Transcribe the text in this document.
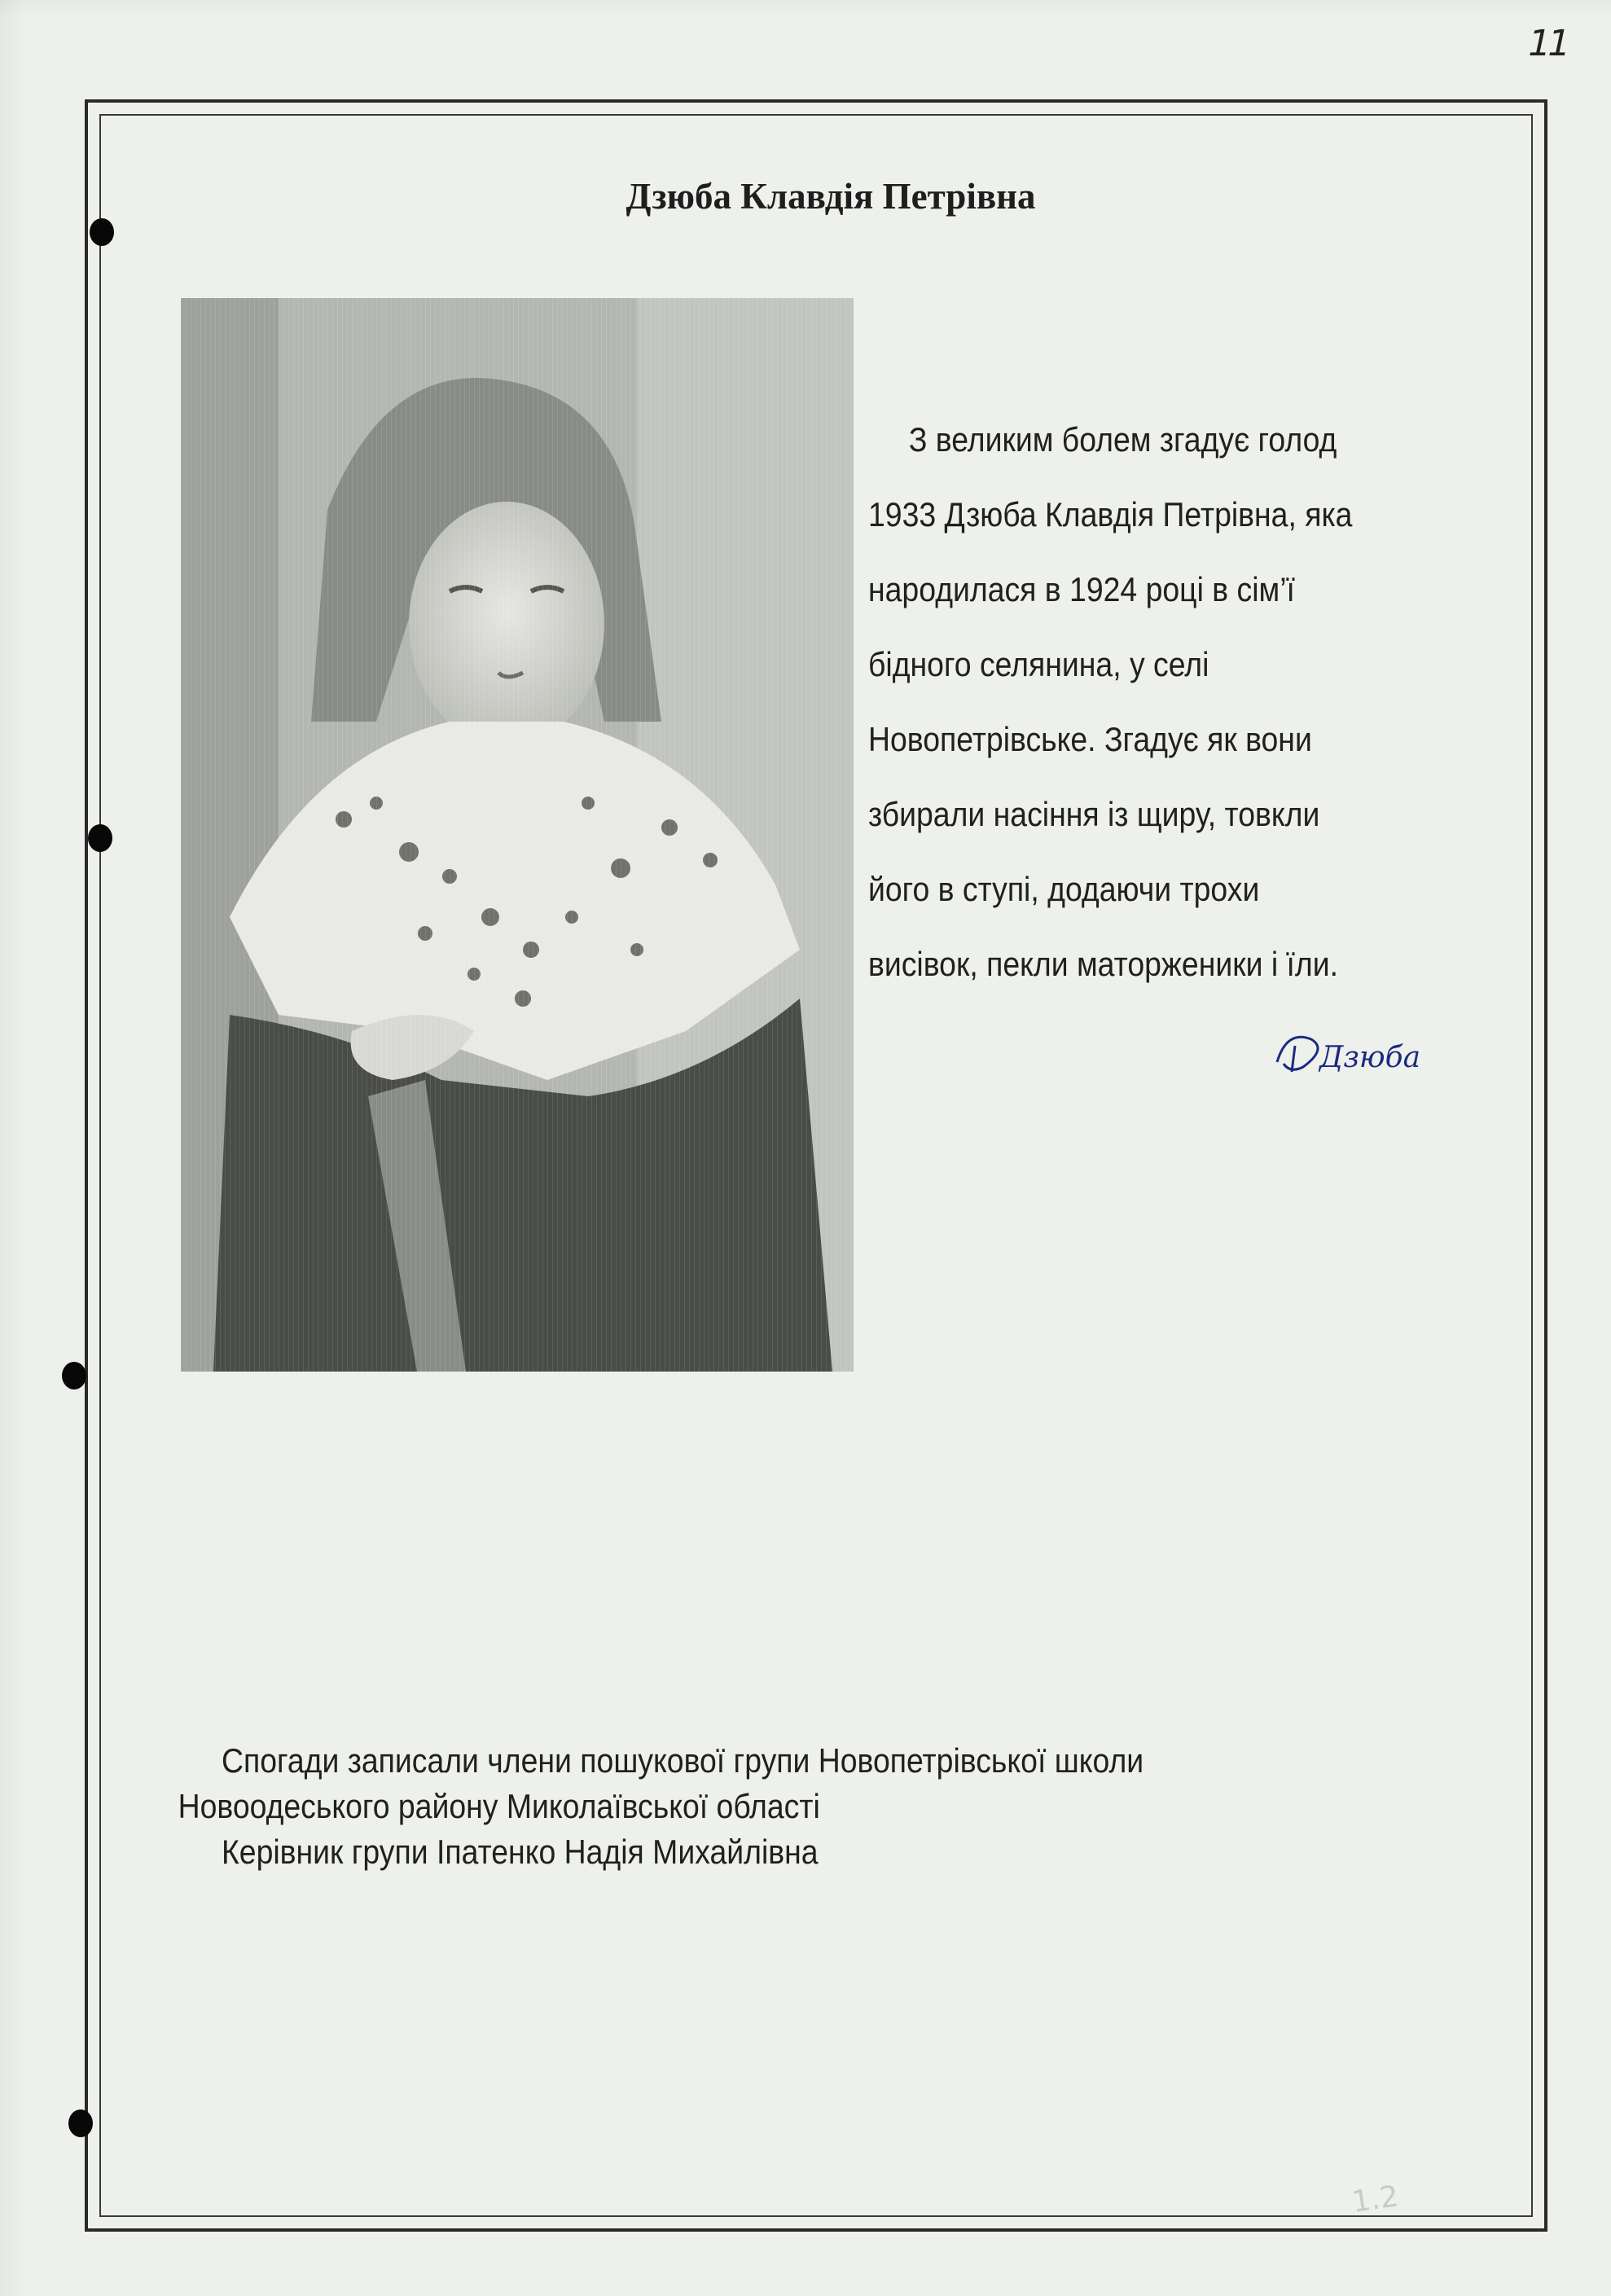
11
Дзюба Клавдія Петрівна
З великим болем згадує голод
1933 Дзюба Клавдія Петрівна, яка
народилася в 1924 році в сім’ї
бідного селянина, у селі
Новопетрівське. Згадує як вони
збирали насіння із щиру, товкли
його в ступі, додаючи трохи
висівок, пекли маторженики і їли.
Дзюба
Спогади записали члени пошукової групи Новопетрівської школи
Новоодеського району Миколаївської області
Керівник групи Іпатенко Надія Михайлівна
1.2
